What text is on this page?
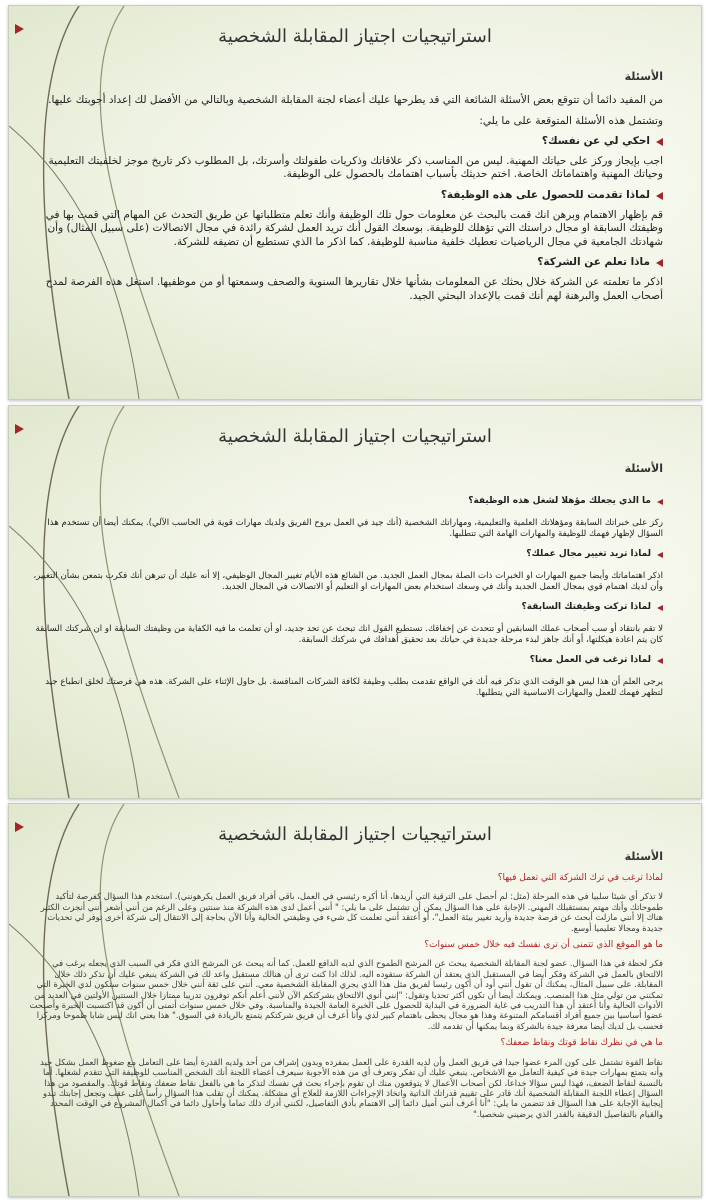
استراتيجيات اجتياز المقابلة الشخصية
الأسئلة

من المفيد دائما أن تتوقع بعض الأسئلة الشائعة التي قد يطرحها عليك أعضاء لجنة المقابلة الشخصية وبالتالي من الأفضل لك إعداد أجوبتك عليها.

وتشتمل هذه الأسئلة المتوقعة على ما يلي:

احكي لي عن نفسك؟

اجب بإيجاز وركز على حياتك المهنية. ليس من المناسب ذكر علاقاتك وذكريات طفولتك وأسرتك، بل المطلوب ذكر تاريخ موجز لخلفيتك التعليمية وحياتك المهنية واهتماماتك الخاصة. اختم حديثك بأسباب اهتمامك بالحصول على الوظيفة.

لماذا تقدمت للحصول على هذه الوظيفة؟

قم بإظهار الاهتمام وبرهن انك قمت بالبحث عن معلومات حول تلك الوظيفة وأنك تعلم متطلباتها عن طريق التحدث عن المهام التي قمت بها في وظيفتك السابقة او مجال دراستك التي تؤهلك للوظيفة. بوسعك القول أنك تريد العمل لشركة رائدة في مجال الاتصالات (على سبيل المثال) وأن شهادتك الجامعية في مجال الرياضيات تعطيك خلفية مناسبة للوظيفة. كما اذكر ما الذي تستطيع أن تضيفه للشركة.

ماذا تعلم عن الشركة؟

اذكر ما تعلمته عن الشركة خلال بحثك عن المعلومات بشأنها خلال تقاريرها السنوية والصحف وسمعتها أو من موظفيها. استغل هذه الفرصة لمدح أصحاب العمل والبرهنة لهم أنك قمت بالإعداد البحثي الجيد.

استراتيجيات اجتياز المقابلة الشخصية
الأسئلة
ما الذي يجعلك مؤهلا لشغل هذه الوظيفة؟

ركز على خبراتك السابقة ومؤهلاتك العلمية والتعليمية، ومهاراتك الشخصية (أنك جيد في العمل بروح الفريق ولديك مهارات قوية في الحاسب الآلي). يمكنك أيضا أن تستخدم هذا السؤال لإظهار فهمك للوظيفة والمهارات الهامة التي تتطلبها.

لماذا تريد تغيير مجال عملك؟

اذكر اهتماماتك وأيضا جميع المهارات او الخبرات ذات الصلة بمجال العمل الجديد. من الشائع هذه الأيام تغيير المجال الوظيفي، إلا أنه عليك أن تبرهن أنك فكرت بتمعن بشأن التغيير، وأن لديك اهتمام قوي بمجال العمل الجديد وأنك في وسعك استخدام بعض المهارات او التعليم أو الاتصالات في المجال الجديد.

لماذا تركت وظيفتك السابقة؟

لا تقم بانتقاد أو سب أصحاب عملك السابقين أو تتحدث عن إخفاقك. تستطيع القول انك تبحث عن تحد جديد، او أن تعلمت ما فيه الكفاية من وظيفتك السابقة او ان شركتك السابقة كان يتم اعادة هيكلتها، أو أنك جاهز لبدء مرحلة جديدة في حياتك بعد تحقيق أهدافك في شركتك السابقة.

لماذا ترغب في العمل معنا؟

يرجى العلم أن هذا ليس هو الوقت الذي تذكر فيه أنك في الواقع تقدمت بطلب وظيفة لكافة الشركات المنافسة. بل حاول الإثناء على الشركة. هذه هي فرصتك لخلق انطباع جيد لتظهر فهمك للعمل والمهارات الاساسية التي يتطلبها.

استراتيجيات اجتياز المقابلة الشخصية
الأسئلة
لماذا ترغب في ترك الشركة التي تعمل فيها؟

لا تذكر أي شيئا سلبيا في هذه المرحلة (مثل: لم أحصل على الترقية التي أريدها، أنا أكره رئيسي في العمل، باقي أفراد فريق العمل يكرهونني). استخدم هذا السؤال كفرصة لتأكيد طموحاتك وأنك مهتم بمستقبلك المهني. الإجابة على هذا السؤال يمكن أن تشتمل على ما يلي: " أنني أعمل لدى هذه الشركة منذ سنتين وعلى الرغم من أنني أشعر أنني أنجزت الكثير هناك إلا أنني مازلت أبحث عن فرصة جديدة وأريد تغيير بيئة العمل"، أو أعتقد أنني تعلمت كل شيء في وظيفتي الحالية وأنا الآن بحاجة إلى الانتقال إلى شركة أخرى توفر لي تحديات جديدة ومجالا تعليميا أوسع.

ما هو الموقع الذي تتمنى أن ترى نفسك فيه خلال خمس سنوات؟

فكر لحظة في هذا السؤال. عضو لجنة المقابلة الشخصية يبحث عن المرشح الطموح الذي لديه الدافع للعمل. كما أنه يبحث عن المرشح الذي فكر في السبب الذي يجعله يرغب في الالتحاق بالعمل في الشركة وفكر أيضا في المستقبل الذي يعتقد أن الشركة ستقوده اليه. لذلك اذا كنت ترى أن هنالك مستقبل واعد لك في الشركة ينبغي عليك أن تذكر ذلك خلال المقابلة. على سبيل المثال، يمكنك أن تقول أنني أود أن أكون رئيسا لفريق مثل هذا الذي يجري المقابلة الشخصية معي. أنني على ثقة أنني خلال خمس سنوات ستكون لدي الخبرة التي تمكنني من تولي مثل هذا المنصب. ويمكنك أيضا أن تكون أكثر تحديا وتقول: "إنني أنوي الالتحاق بشركتكم الآن لأنني أعلم أنكم توفرون تدريبا ممتازا خلال السنتين الأولتين في العديد من الأدوات الحالية وأنا أعتقد أن هذا التدريب في غاية الضرورة في البداية للحصول على الخبرة العامة الجيدة والمناسبة. وفي خلال خمس سنوات أتمنى أن أكون قد اكتسبت الخبرة وأصبحت عضوا أساسيا بين جميع أفراد أقسامكم المتنوعة وهذا هو مجال يحظى باهتمام كبير لدي وأنا أعرف أن فريق شركتكم يتمتع بالريادة في السوق." هذا يعني انك ليس شابا طموحا ومركزا فحسب بل لديك أيضا معرفة جيدة بالشركة وبما يمكنها أن تقدمه لك.

ما هي في نظرك نقاط قوتك ونقاط ضعفك؟

نقاط القوة تشتمل على كون المرء عضوا جيدا في فريق العمل وأن لديه القدرة على العمل بمفرده وبدون إشراف من أحد ولديه القدرة أيضا على التعامل مع ضغوط العمل بشكل جيد وأنه يتمتع بمهارات جيدة في كيفية التعامل مع الاشخاص. ينبغي عليك أن تفكر وتعرف أي من هذه الأجوبة سيعرف أعضاء اللجنة أنك الشخص المناسب للوظيفة التي تتقدم لشغلها. أما بالنسبة لنقاط الضعف، فهذا ليس سؤالا خداعا، لكن أصحاب الأعمال لا يتوقعون منك ان تقوم بإجراء بحث في نفسك لتذكر ما هي بالفعل نقاط ضعفك ونقاط قوتك. والمقصود من هذا السؤال إعطاء اللجنة المقابلة الشخصية أنك قادر على تقييم قدراتك الذاتية واتخاذ الإجراءات اللازمة للعلاج أي مشكلة. يمكنك أن تقلب هذا السؤال رأسا على عقب وتجعل إجابتك تبدو إيجابية الإجابة على هذا السؤال قد تتضمن ما يلي: "أنا أعرف أنني أميل دائما إلى الاهتمام بأدق التفاصيل، لكنني أدرك ذلك تماما وأحاول دائما في أكمال المشروع في الوقت المحدد والقيام بالتفاصيل الدقيقة بالقدر الذي يرضيني شخصيا."
